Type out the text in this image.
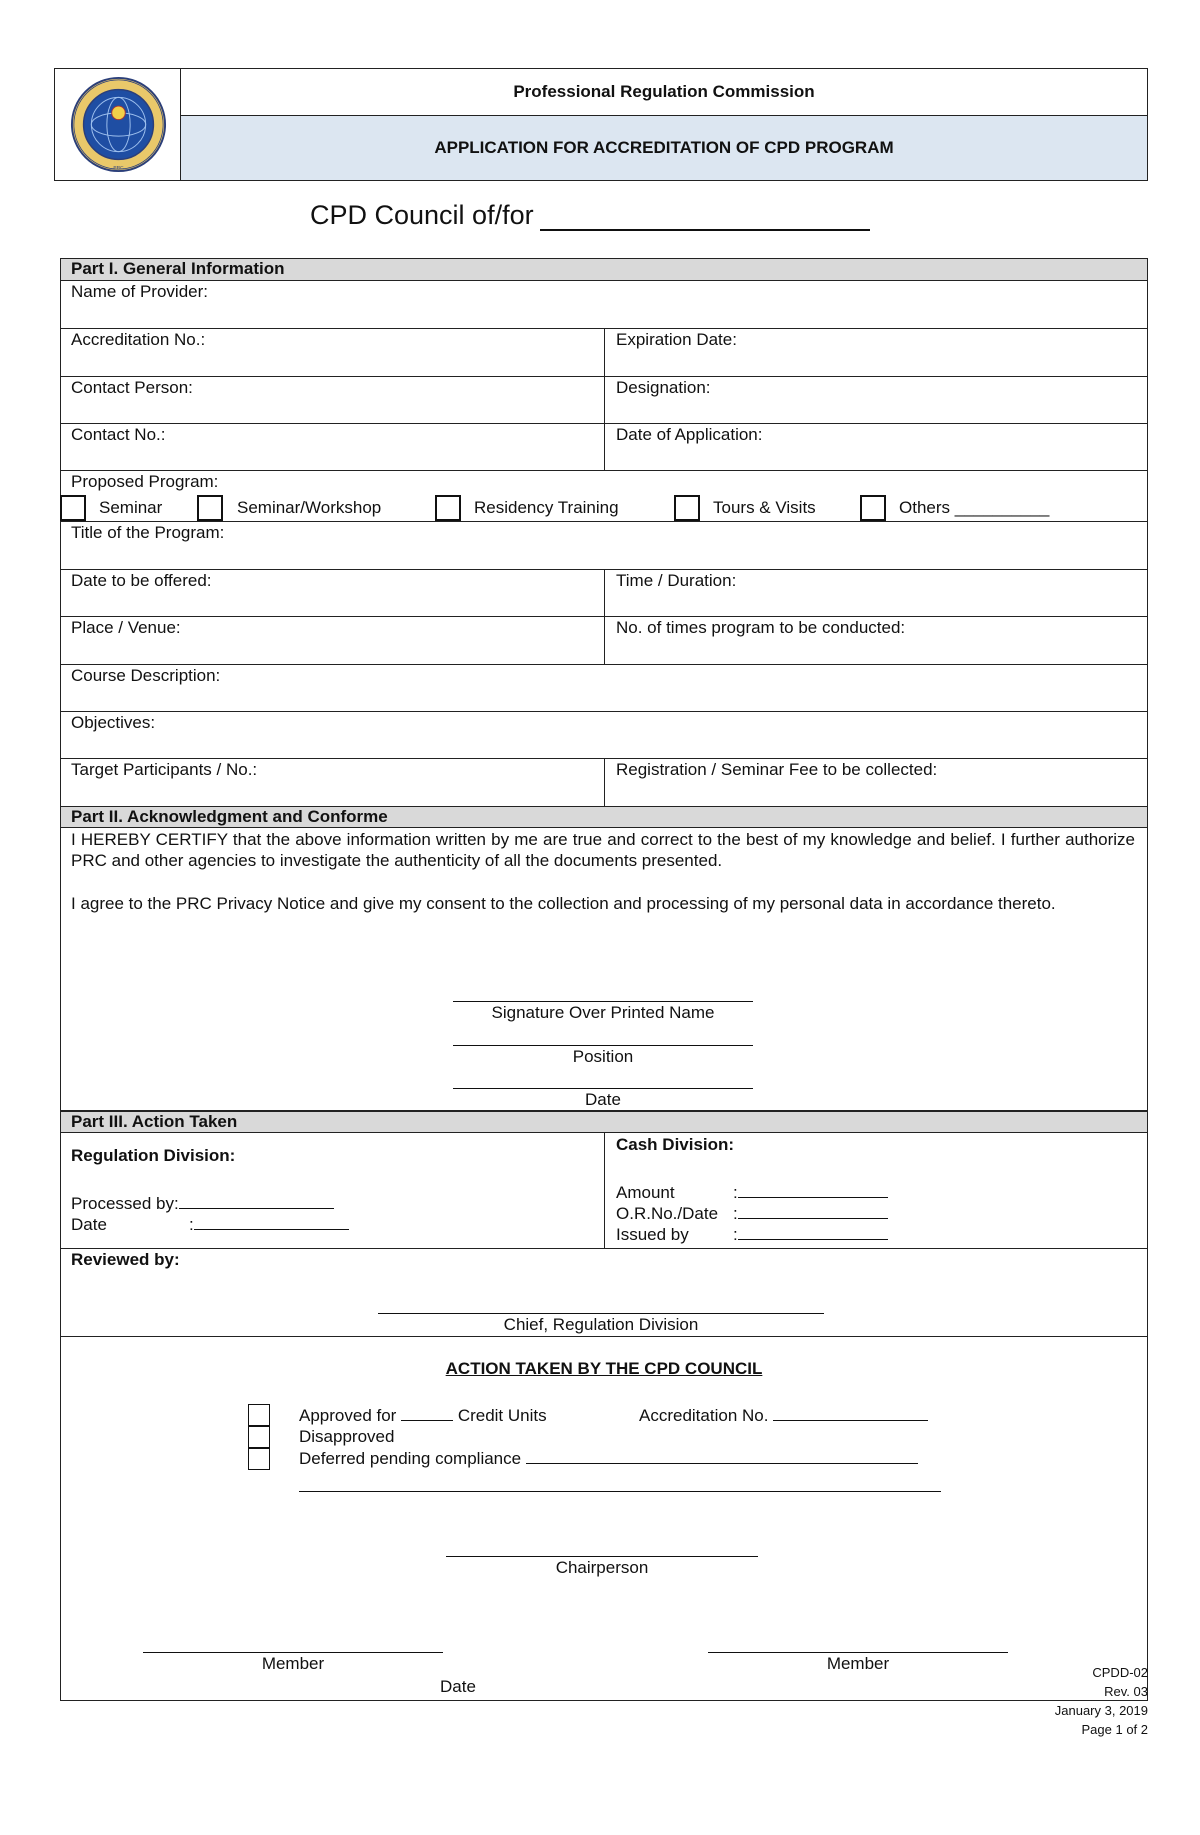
PRC
Professional Regulation Commission
APPLICATION FOR ACCREDITATION OF CPD PROGRAM
CPD Council of/for
Part I. General Information
Name of Provider:
Accreditation No.:	Expiration Date:
Contact Person:	Designation:
Contact No.:	Date of Application:
Proposed Program:
Seminar	Seminar/Workshop	Residency Training	Tours & Visits	Others __________
Title of the Program:
Date to be offered:	Time / Duration:
Place / Venue:	No. of times program to be conducted:
Course Description:
Objectives:
Target Participants / No.:	Registration / Seminar Fee to be collected:
Part II. Acknowledgment and Conforme
I HEREBY CERTIFY that the above information written by me are true and correct to the best of my knowledge and belief. I further authorize PRC and other agencies to investigate the authenticity of all the documents presented.
I agree to the PRC Privacy Notice and give my consent to the collection and processing of my personal data in accordance thereto.
Signature Over Printed Name
Position
Date
Part III. Action Taken
Regulation Division:
Processed by:
Date	:
Cash Division:
Amount	:
O.R.No./Date :
Issued by	:
Reviewed by:
Chief, Regulation Division
ACTION TAKEN BY THE CPD COUNCIL
Approved for	Credit Units	Accreditation No.
Disapproved
Deferred pending compliance
Chairperson
Member	Member
Date
CPDD-02
Rev. 03
January 3, 2019
Page 1 of 2
